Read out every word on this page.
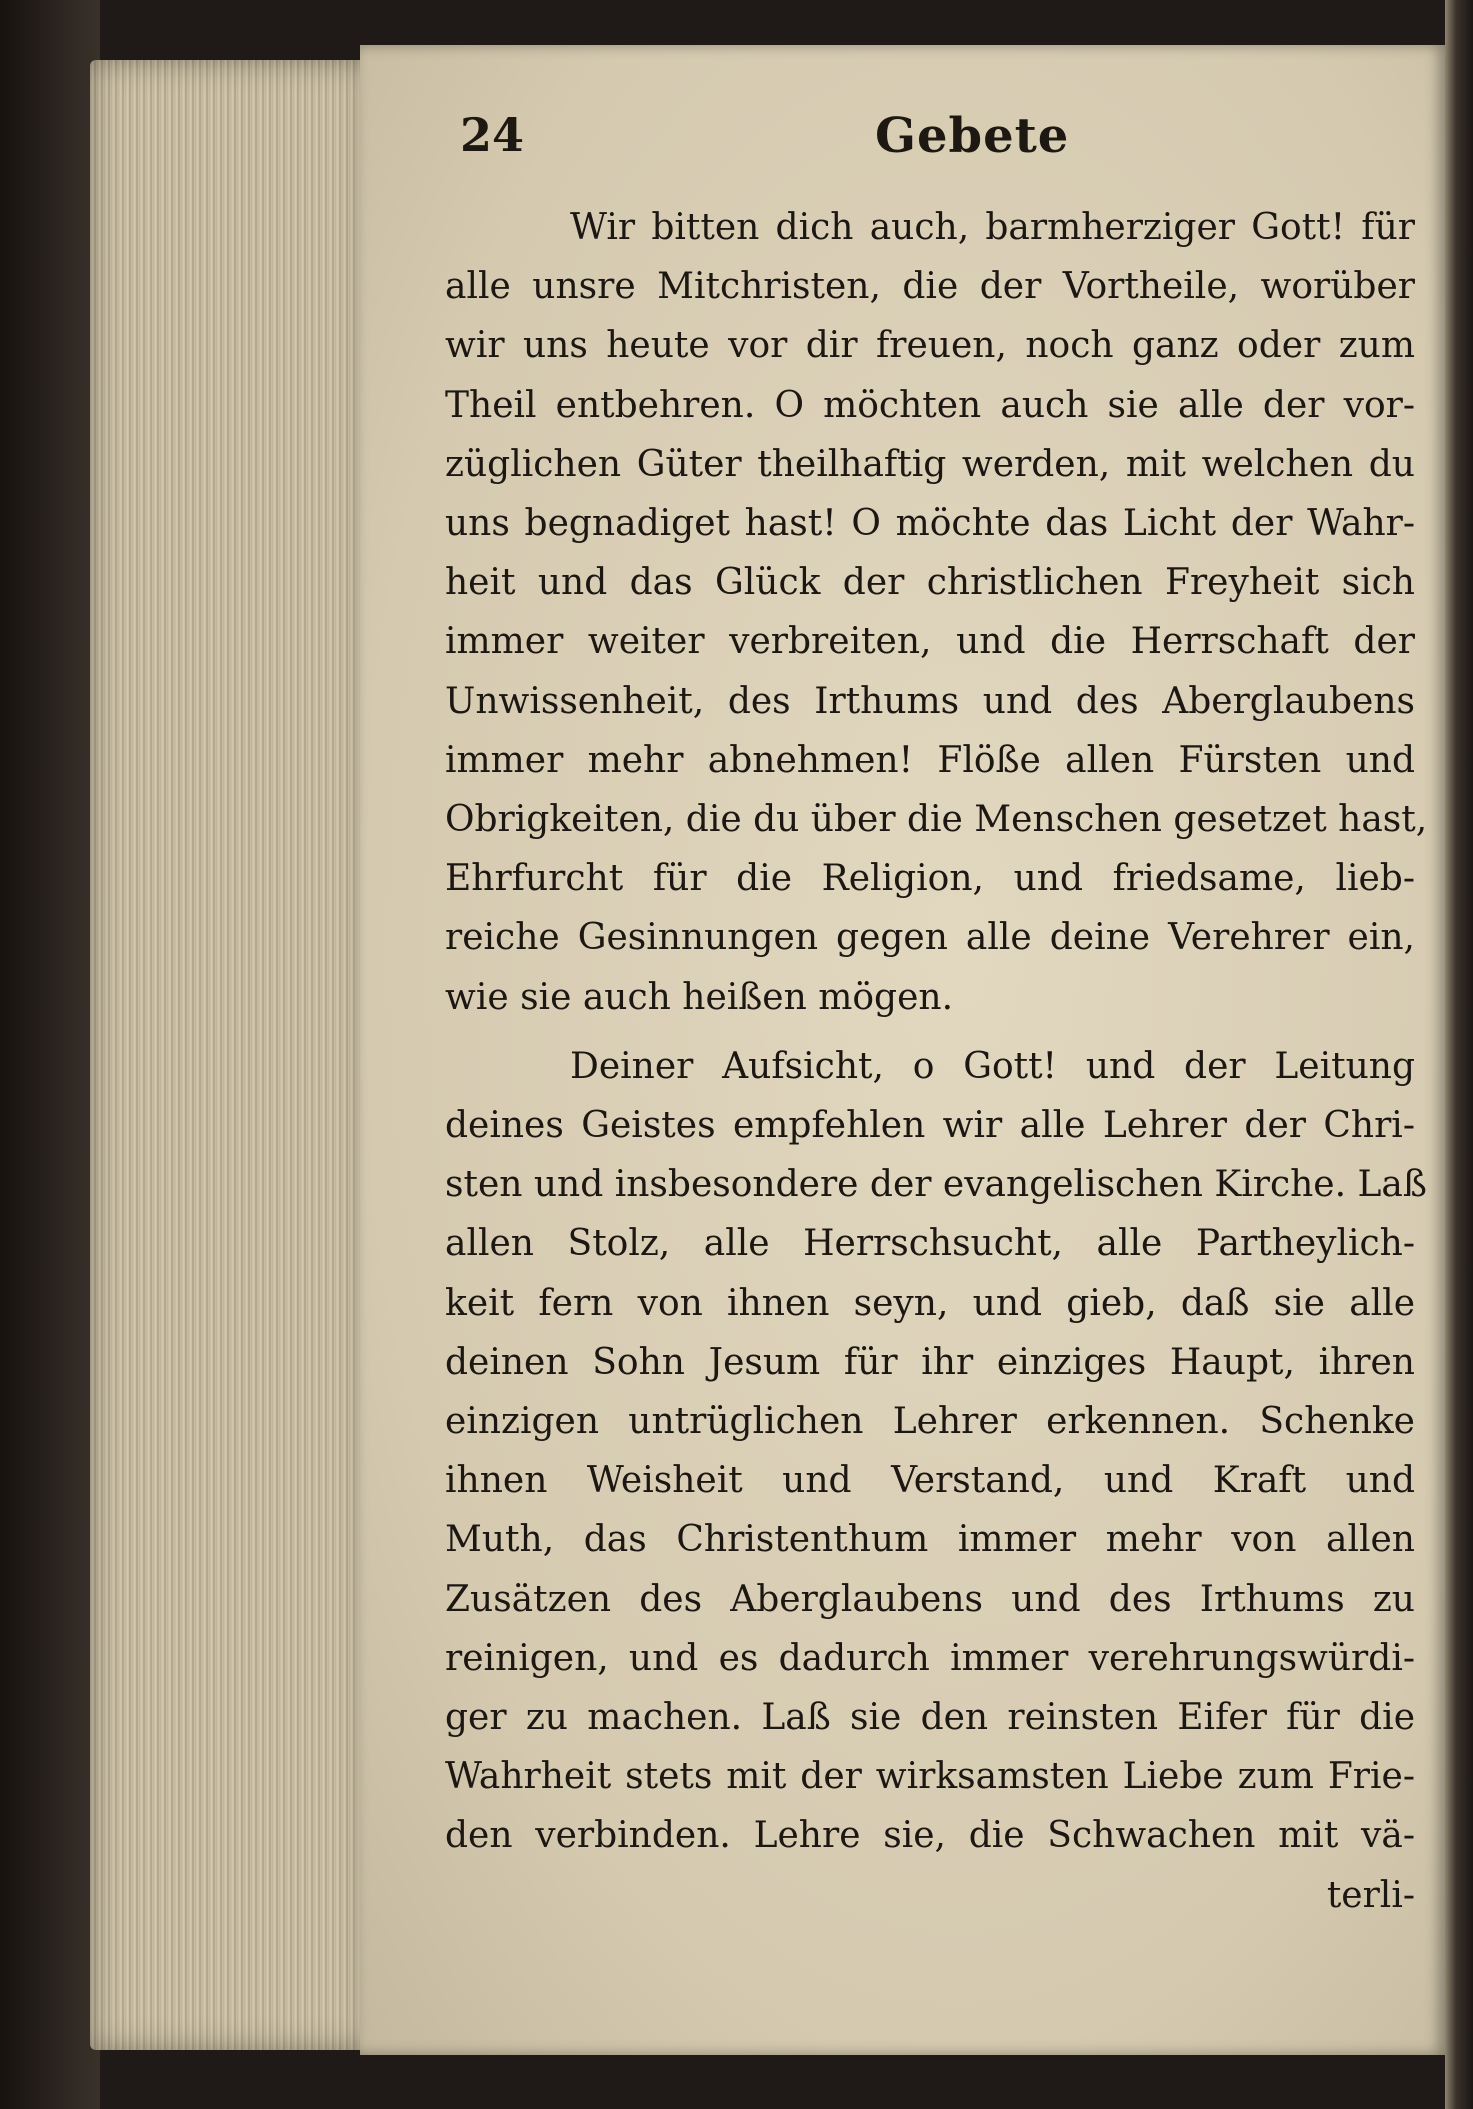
24	Gebete
Wir bitten dich auch, barmherziger Gott! für
alle unsre Mitchristen, die der Vortheile, worüber
wir uns heute vor dir freuen, noch ganz oder zum
Theil entbehren. O möchten auch sie alle der vor-
züglichen Güter theilhaftig werden, mit welchen du
uns begnadiget hast! O möchte das Licht der Wahr-
heit und das Glück der christlichen Freyheit sich
immer weiter verbreiten, und die Herrschaft der
Unwissenheit, des Irthums und des Aberglaubens
immer mehr abnehmen! Flöße allen Fürsten und
Obrigkeiten, die du über die Menschen gesetzet hast,
Ehrfurcht für die Religion, und friedsame, lieb-
reiche Gesinnungen gegen alle deine Verehrer ein,
wie sie auch heißen mögen.
Deiner Aufsicht, o Gott! und der Leitung
deines Geistes empfehlen wir alle Lehrer der Chri-
sten und insbesondere der evangelischen Kirche. Laß
allen Stolz, alle Herrschsucht, alle Partheylich-
keit fern von ihnen seyn, und gieb, daß sie alle
deinen Sohn Jesum für ihr einziges Haupt, ihren
einzigen untrüglichen Lehrer erkennen. Schenke
ihnen Weisheit und Verstand, und Kraft und
Muth, das Christenthum immer mehr von allen
Zusätzen des Aberglaubens und des Irthums zu
reinigen, und es dadurch immer verehrungswürdi-
ger zu machen. Laß sie den reinsten Eifer für die
Wahrheit stets mit der wirksamsten Liebe zum Frie-
den verbinden. Lehre sie, die Schwachen mit vä-
terli-
